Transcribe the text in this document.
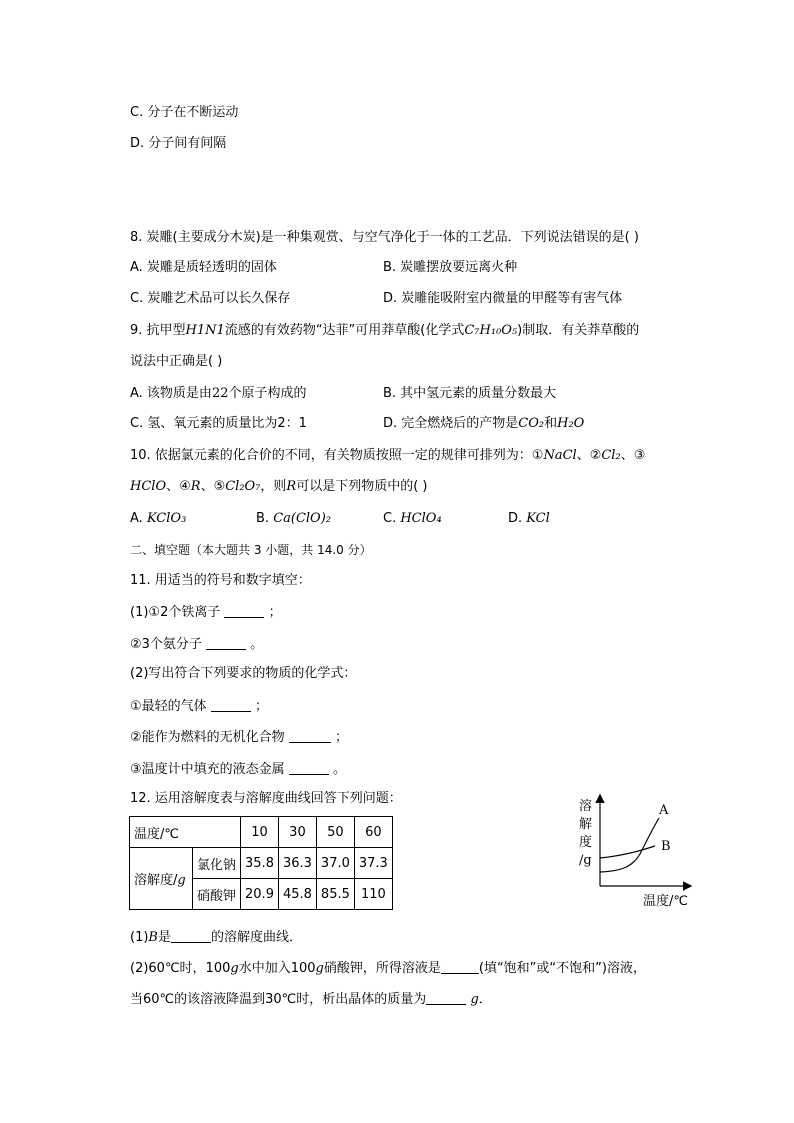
C. 分子在不断运动
D. 分子间有间隔
8. 炭雕(主要成分木炭)是一种集观赏、与空气净化于一体的工艺品．下列说法错误的是( )
A. 炭雕是质轻透明的固体	B. 炭雕摆放要远离火种
C. 炭雕艺术品可以长久保存	D. 炭雕能吸附室内微量的甲醛等有害气体
9. 抗甲型H1N1流感的有效药物“达菲”可用莽草酸(化学式C₇H₁₀O₅)制取．有关莽草酸的
说法中正确是( )
A. 该物质是由22个原子构成的	B. 其中氢元素的质量分数最大
C. 氢、氧元素的质量比为2：1	D. 完全燃烧后的产物是CO₂和H₂O
10. 依据氯元素的化合价的不同，有关物质按照一定的规律可排列为：①NaCl、②Cl₂、③
HClO、④R、⑤Cl₂O₇，则R可以是下列物质中的( )
A. KClO₃	B. Ca(ClO)₂	C. HClO₄	D. KCl
二、填空题（本大题共 3 小题，共 14.0 分）
11. 用适当的符号和数字填空：
(1)①2个铁离子	；
②3个氨分子	。
(2)写出符合下列要求的物质的化学式：
①最轻的气体	；
②能作为燃料的无机化合物	；
③温度计中填充的液态金属	。
12. 运用溶解度表与溶解度曲线回答下列问题：
温度/℃		10	30	50	60
溶解度/g	氯化钠	35.8	36.3	37.0	37.3
	硝酸钾	20.9	45.8	85.5	110
溶
解
度
/g
A
B
温度/℃
(1)B是	的溶解度曲线．
(2)60℃时，100g水中加入100g硝酸钾，所得溶液是	(填“饱和”或“不饱和”)溶液，
当60℃的该溶液降温到30℃时，析出晶体的质量为	g．
